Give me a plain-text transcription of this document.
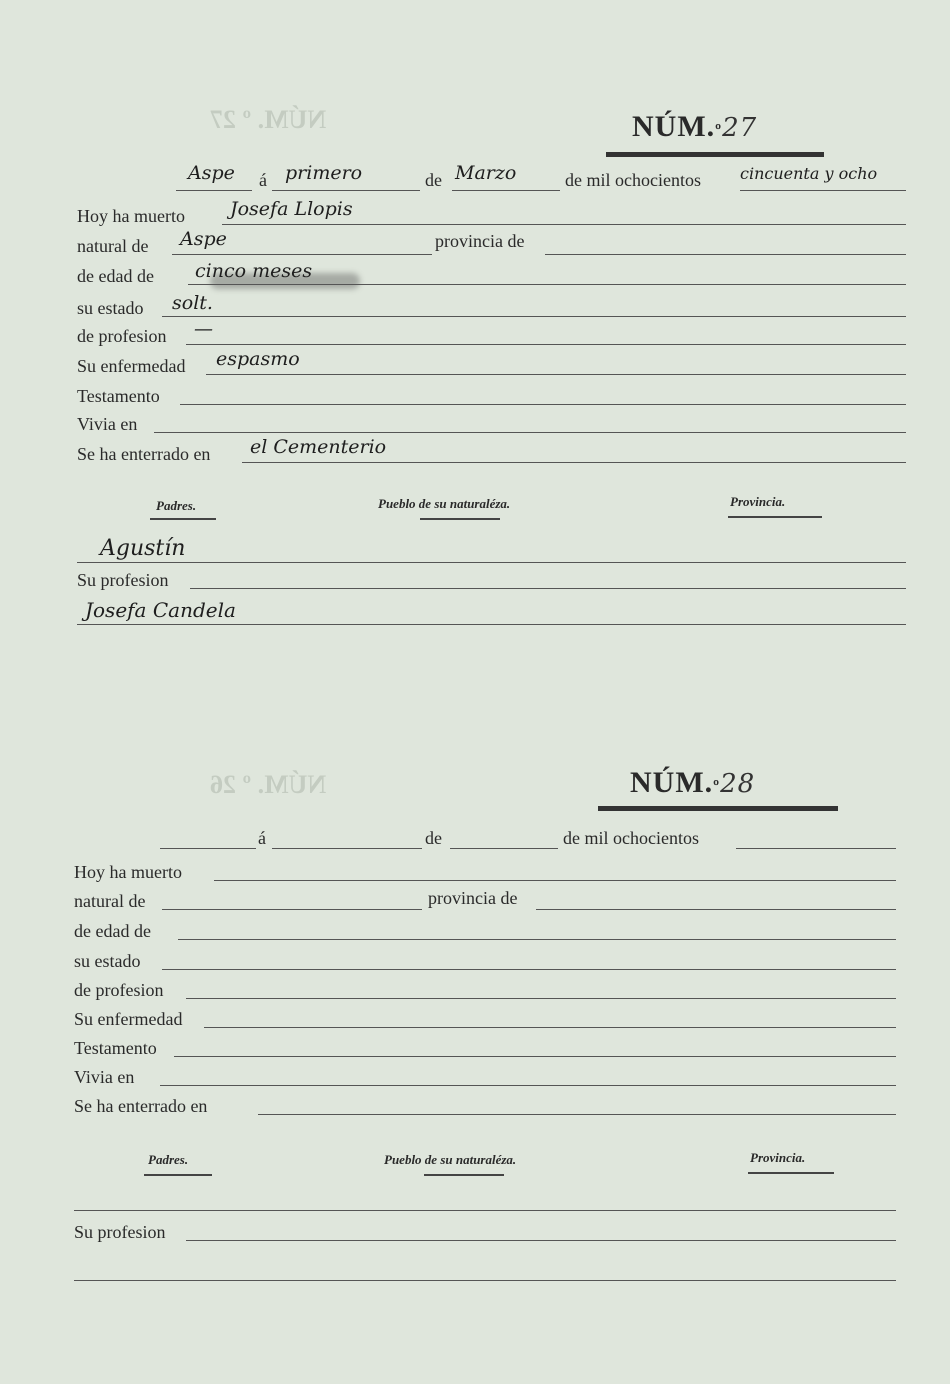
NÚM. º 27
NÚM. º 26
NÚM.º27
Aspe á primero	de Marzo	de mil ochocientos cincuenta y ocho
Hoy ha muerto Josefa Llopis
natural de Aspe	provincia de
de edad de cinco meses
su estado solt.
de profesion —
Su enfermedad espasmo
Testamento
Vivia en
Se ha enterrado en el Cementerio
Padres.	Pueblo de su naturaléza.	Provincia.
Agustín
Su profesion
Josefa Candela
NÚM.º28
á	de	de mil ochocientos
Hoy ha muerto
natural de	provincia de
de edad de
su estado
de profesion
Su enfermedad
Testamento
Vivia en
Se ha enterrado en
Padres.	Pueblo de su naturaléza.	Provincia.
Su profesion
